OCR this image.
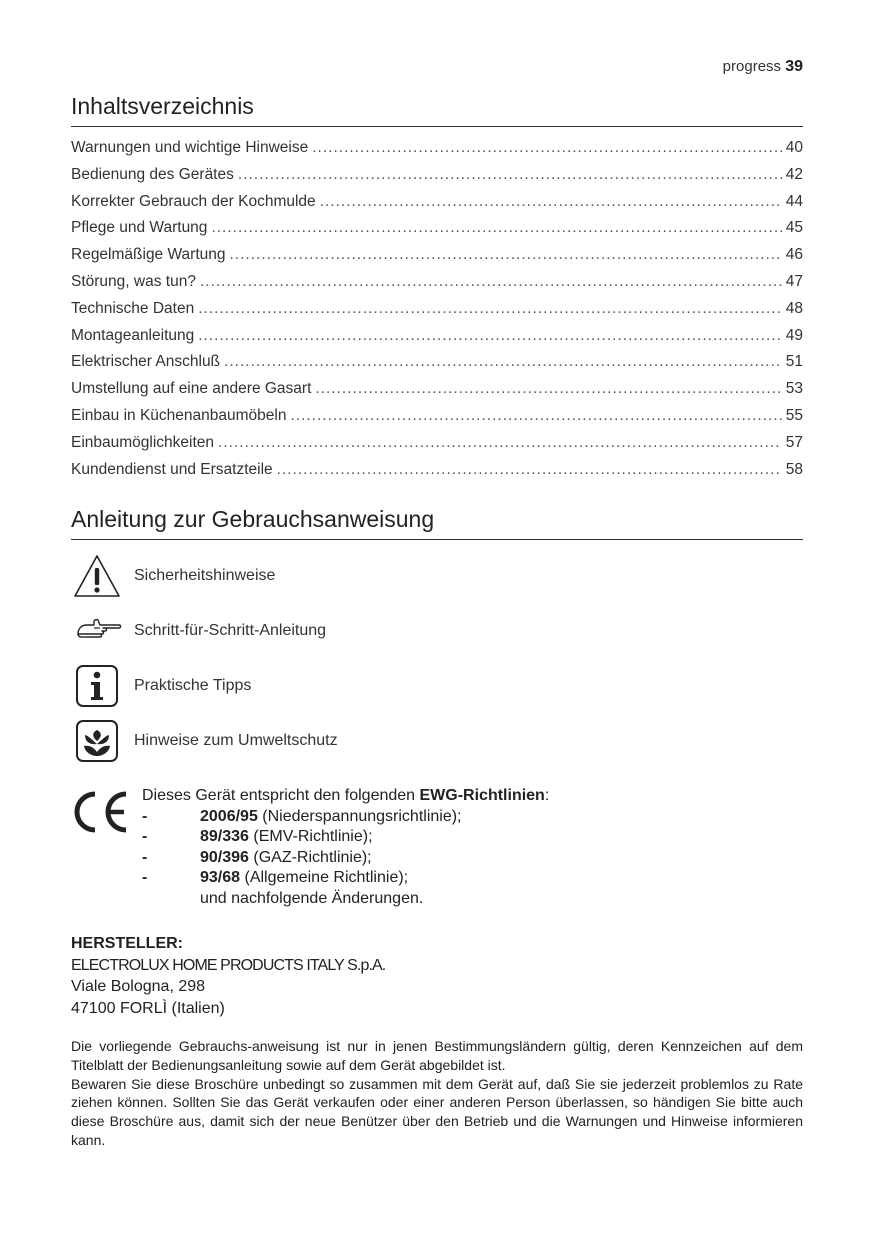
progress 39
Inhaltsverzeichnis
Warnungen und wichtige Hinweise .....	40
Bedienung des Gerätes .....	42
Korrekter Gebrauch der Kochmulde .....	44
Pflege und Wartung .....	45
Regelmäßige Wartung .....	46
Störung, was tun? .....	47
Technische Daten .....	48
Montageanleitung .....	49
Elektrischer Anschluß .....	51
Umstellung auf eine andere Gasart .....	53
Einbau in Küchenanbaumöbeln .....	55
Einbaumöglichkeiten .....	57
Kundendienst und Ersatzteile .....	58
Anleitung zur Gebrauchsanweisung
Sicherheitshinweise
Schritt-für-Schritt-Anleitung
Praktische Tipps
Hinweise zum Umweltschutz
Dieses Gerät entspricht den folgenden EWG-Richtlinien:
-	2006/95 (Niederspannungsrichtlinie);
-	89/336 (EMV-Richtlinie);
-	90/396 (GAZ-Richtlinie);
-	93/68 (Allgemeine Richtlinie);
und nachfolgende Änderungen.
HERSTELLER:
ELECTROLUX HOME PRODUCTS ITALY S.p.A.
Viale Bologna, 298
47100 FORLÌ (Italien)

Die vorliegende Gebrauchs-anweisung ist nur in jenen Bestimmungsländern gültig, deren Kennzeichen auf dem Titelblatt der Bedienungsanleitung sowie auf dem Gerät abgebildet ist.

Bewaren Sie diese Broschüre unbedingt so zusammen mit dem Gerät auf, daß Sie sie jederzeit problemlos zu Rate ziehen können. Sollten Sie das Gerät verkaufen oder einer anderen Person überlassen, so händigen Sie bitte auch diese Broschüre aus, damit sich der neue Benützer über den Betrieb und die Warnungen und Hinweise informieren kann.
